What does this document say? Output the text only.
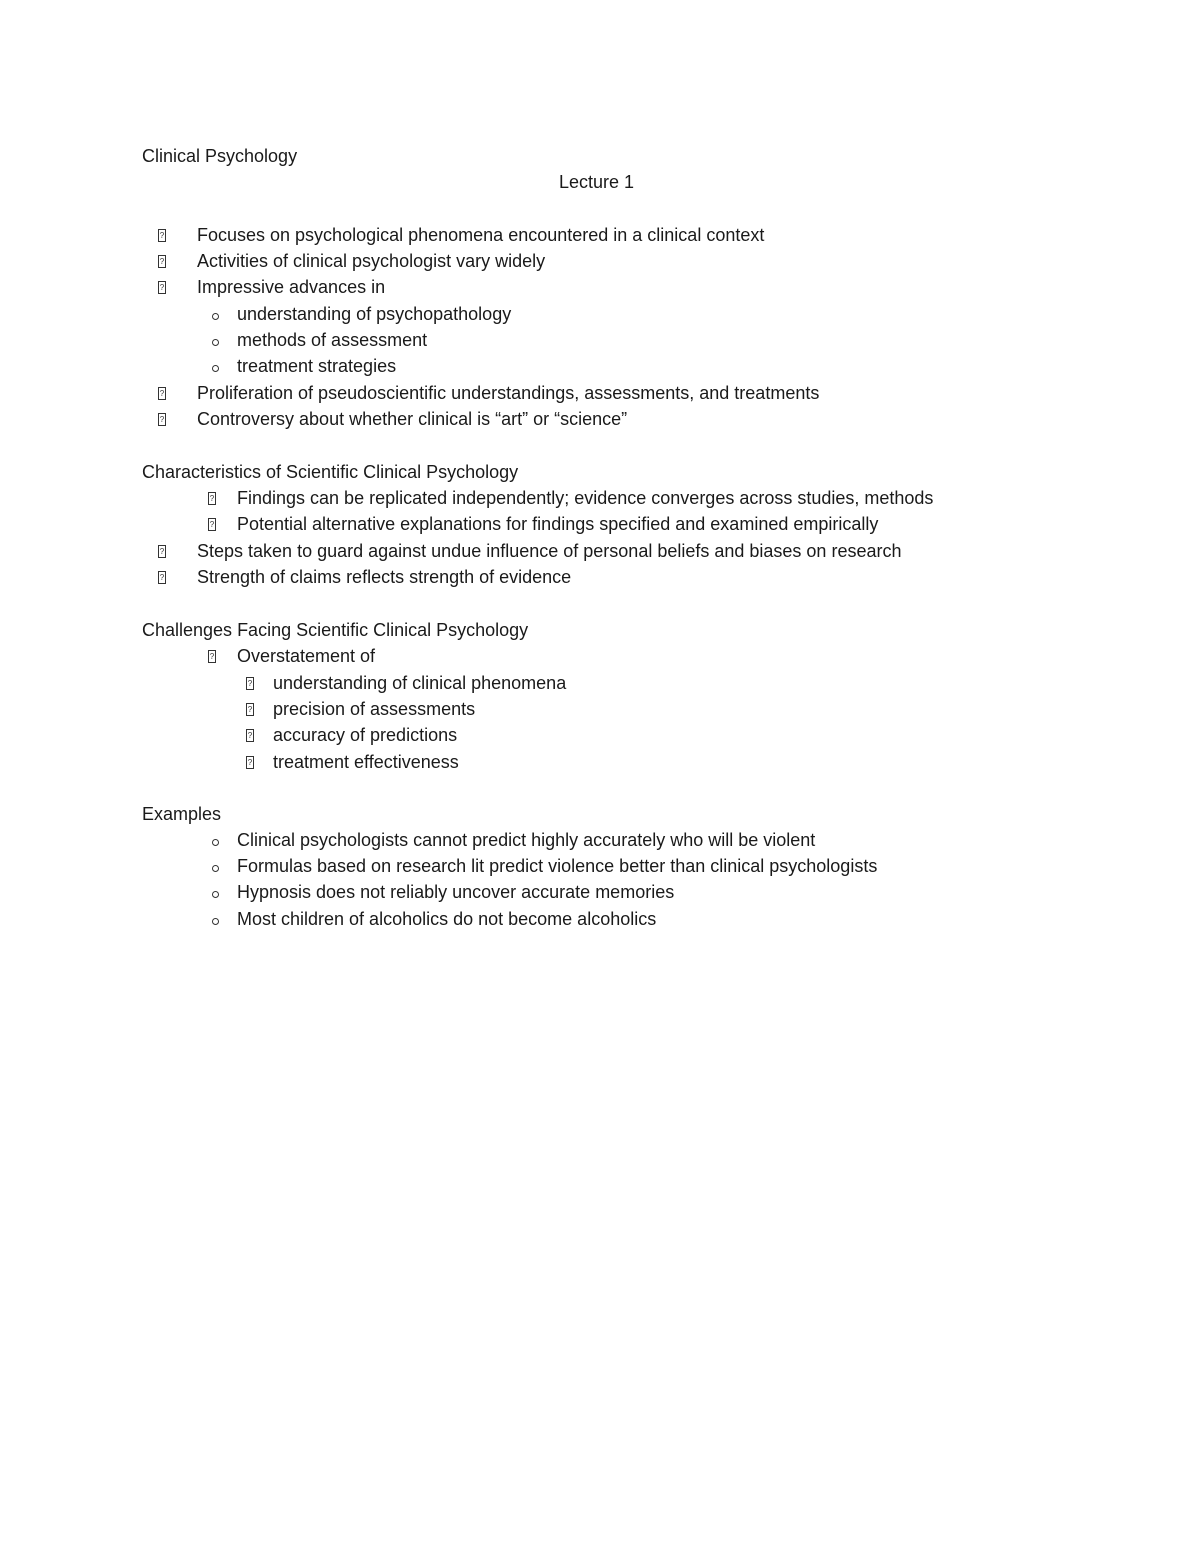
Clinical Psychology
Lecture 1
?
Focuses on psychological phenomena encountered in a clinical context
?
Activities of clinical psychologist vary widely
?
Impressive advances in
understanding of psychopathology
methods of assessment
treatment strategies
?
Proliferation of pseudoscientific understandings, assessments, and treatments
?
Controversy about whether clinical is “art” or “science”
Characteristics of Scientific Clinical Psychology
?
Findings can be replicated independently; evidence converges across studies, methods
?
Potential alternative explanations for findings specified and examined empirically
?
Steps taken to guard against undue influence of personal beliefs and biases on research
?
Strength of claims reflects strength of evidence
Challenges Facing Scientific Clinical Psychology
?
Overstatement of
?
understanding of clinical phenomena
?
precision of assessments
?
accuracy of predictions
?
treatment effectiveness
Examples
Clinical psychologists cannot predict highly accurately who will be violent
Formulas based on research lit predict violence better than clinical psychologists
Hypnosis does not reliably uncover accurate memories
Most children of alcoholics do not become alcoholics
